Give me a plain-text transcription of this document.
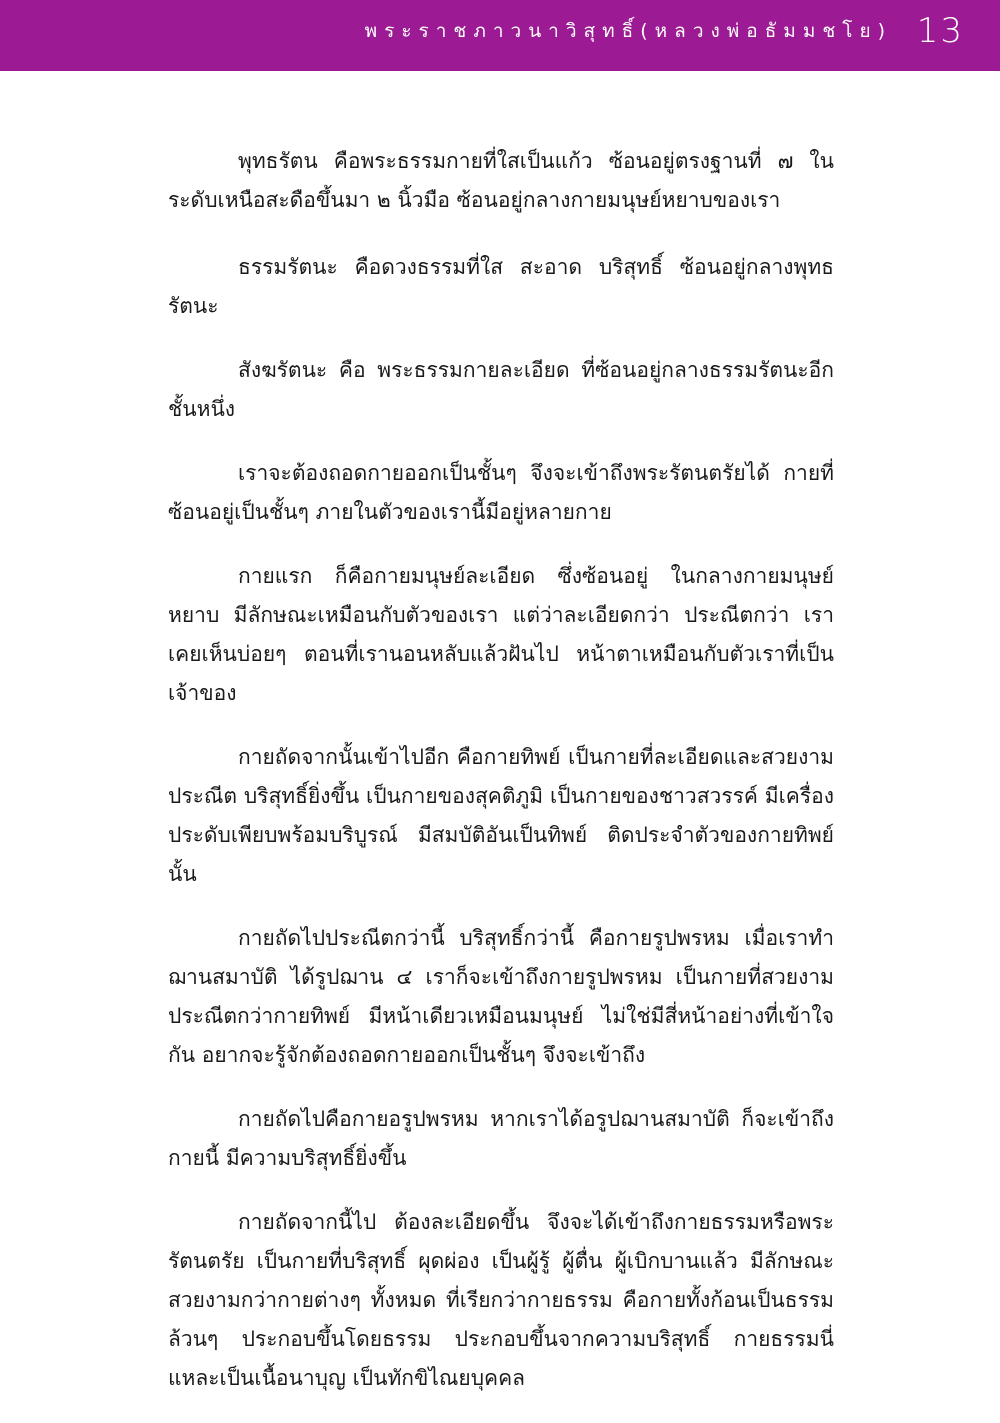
พระราชภาวนาวิสุทธิ์(หลวงพ่อธัมมชโย) 13

พุทธรัตน คือพระธรรมกายที่ใสเป็นแก้ว ซ้อนอยู่ตรงฐานที่ ๗ ในระดับเหนือสะดือขึ้นมา ๒ นิ้วมือ ซ้อนอยู่กลางกายมนุษย์หยาบของเรา

ธรรมรัตนะ คือดวงธรรมที่ใส สะอาด บริสุทธิ์ ซ้อนอยู่กลางพุทธรัตนะ

สังฆรัตนะ คือ พระธรรมกายละเอียด ที่ซ้อนอยู่กลางธรรมรัตนะอีกชั้นหนึ่ง

เราจะต้องถอดกายออกเป็นชั้นๆ จึงจะเข้าถึงพระรัตนตรัยได้ กายที่ซ้อนอยู่เป็นชั้นๆ ภายในตัวของเรานี้มีอยู่หลายกาย

กายแรก ก็คือกายมนุษย์ละเอียด ซึ่งซ้อนอยู่ ในกลางกายมนุษย์หยาบ มีลักษณะเหมือนกับตัวของเรา แต่ว่าละเอียดกว่า ประณีตกว่า เราเคยเห็นบ่อยๆ ตอนที่เรานอนหลับแล้วฝันไป หน้าตาเหมือนกับตัวเราที่เป็นเจ้าของ

กายถัดจากนั้นเข้าไปอีก คือกายทิพย์ เป็นกายที่ละเอียดและสวยงามประณีต บริสุทธิ์ยิ่งขึ้น เป็นกายของสุคติภูมิ เป็นกายของชาวสวรรค์ มีเครื่องประดับเพียบพร้อมบริบูรณ์ มีสมบัติอันเป็นทิพย์ ติดประจำตัวของกายทิพย์นั้น

กายถัดไปประณีตกว่านี้ บริสุทธิ์กว่านี้ คือกายรูปพรหม เมื่อเราทำฌานสมาบัติ ได้รูปฌาน ๔ เราก็จะเข้าถึงกายรูปพรหม เป็นกายที่สวยงามประณีตกว่ากายทิพย์ มีหน้าเดียวเหมือนมนุษย์ ไม่ใช่มีสี่หน้าอย่างที่เข้าใจกัน อยากจะรู้จักต้องถอดกายออกเป็นชั้นๆ จึงจะเข้าถึง

กายถัดไปคือกายอรูปพรหม หากเราได้อรูปฌานสมาบัติ ก็จะเข้าถึงกายนี้ มีความบริสุทธิ์ยิ่งขึ้น

กายถัดจากนี้ไป ต้องละเอียดขึ้น จึงจะได้เข้าถึงกายธรรมหรือพระรัตนตรัย เป็นกายที่บริสุทธิ์ ผุดผ่อง เป็นผู้รู้ ผู้ตื่น ผู้เบิกบานแล้ว มีลักษณะสวยงามกว่ากายต่างๆ ทั้งหมด ที่เรียกว่ากายธรรม คือกายทั้งก้อนเป็นธรรมล้วนๆ ประกอบขึ้นโดยธรรม ประกอบขึ้นจากความบริสุทธิ์ กายธรรมนี่แหละเป็นเนื้อนาบุญ เป็นทักขิไณยบุคคล
